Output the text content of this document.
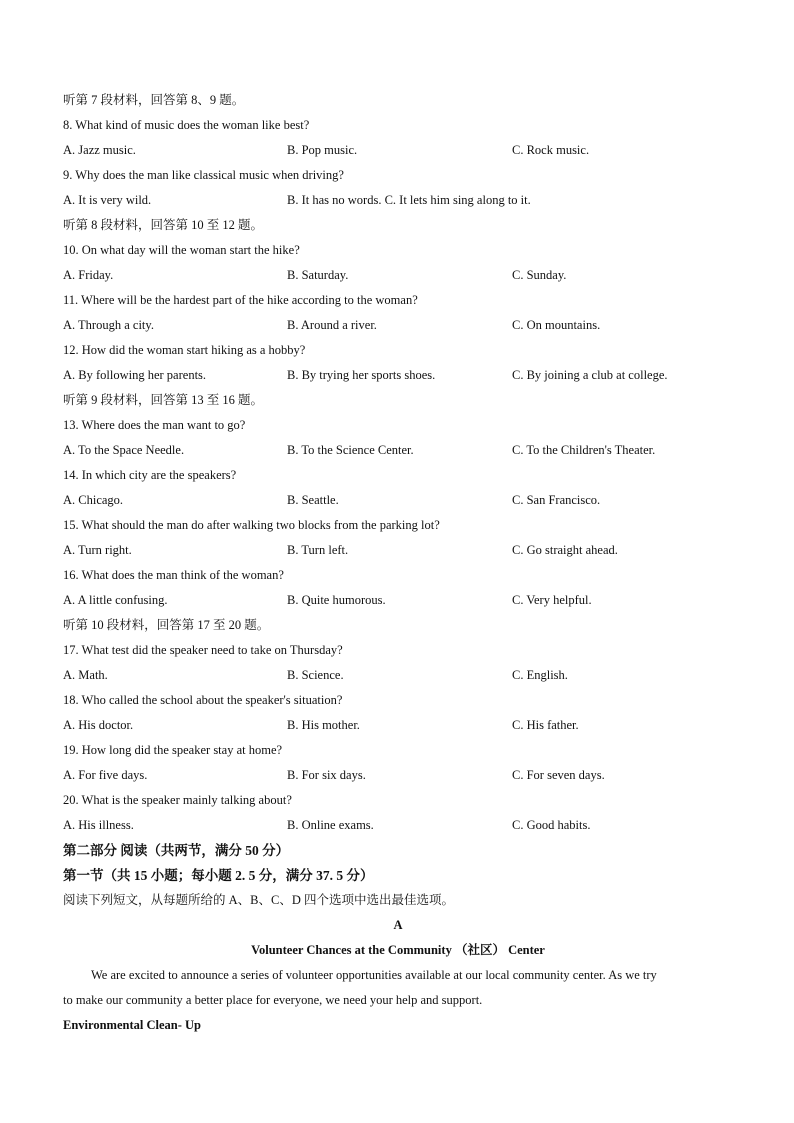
听第 7 段材料，回答第 8、9 题。
8. What kind of music does the woman like best?
A. Jazz music.	B. Pop music.	C. Rock music.
9. Why does the man like classical music when driving?
A. It is very wild.	B. It has no words. C. It lets him sing along to it.
听第 8 段材料，回答第 10 至 12 题。
10. On what day will the woman start the hike?
A. Friday.	B. Saturday.	C. Sunday.
11. Where will be the hardest part of the hike according to the woman?
A. Through a city.	B. Around a river.	C. On mountains.
12. How did the woman start hiking as a hobby?
A. By following her parents.	B. By trying her sports shoes.	C. By joining a club at college.
听第 9 段材料，回答第 13 至 16 题。
13. Where does the man want to go?
A. To the Space Needle.	B. To the Science Center.	C. To the Children's Theater.
14. In which city are the speakers?
A. Chicago.	B. Seattle.	C. San Francisco.
15. What should the man do after walking two blocks from the parking lot?
A. Turn right.	B. Turn left.	C. Go straight ahead.
16. What does the man think of the woman?
A. A little confusing.	B. Quite humorous.	C. Very helpful.
听第 10 段材料，回答第 17 至 20 题。
17. What test did the speaker need to take on Thursday?
A. Math.	B. Science.	C. English.
18. Who called the school about the speaker's situation?
A. His doctor.	B. His mother.	C. His father.
19. How long did the speaker stay at home?
A. For five days.	B. For six days.	C. For seven days.
20. What is the speaker mainly talking about?
A. His illness.	B. Online exams.	C. Good habits.
第二部分 阅读（共两节，满分 50 分）
第一节（共 15 小题；每小题 2. 5 分，满分 37. 5 分）
阅读下列短文，从每题所给的 A、B、C、D 四个选项中选出最佳选项。
A
Volunteer Chances at the Community （社区） Center
We are excited to announce a series of volunteer opportunities available at our local community center. As we try
to make our community a better place for everyone, we need your help and support.
Environmental Clean- Up
